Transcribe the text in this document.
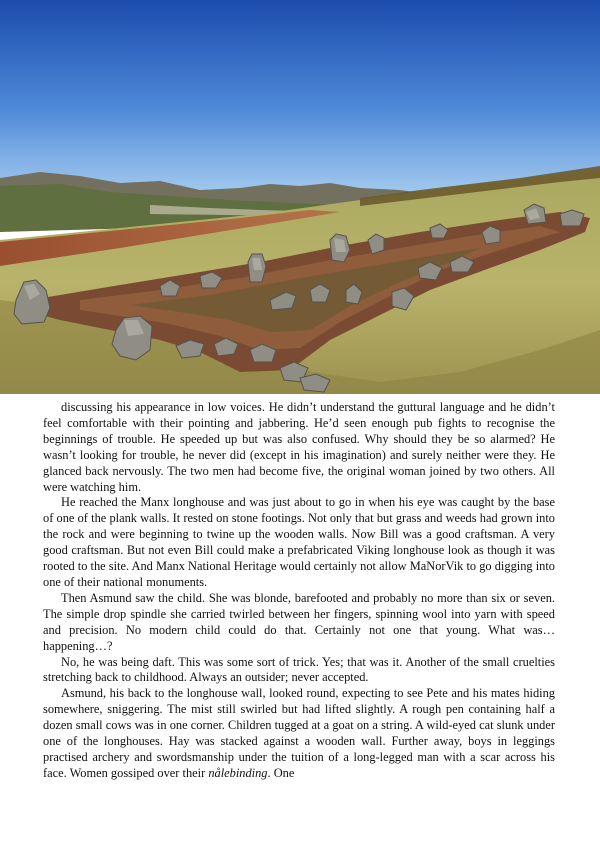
discussing his appearance in low voices. He didn’t understand the guttural language and he didn’t feel comfortable with their pointing and jabbering. He’d seen enough pub fights to recognise the beginnings of trouble. He speeded up but was also confused. Why should they be so alarmed? He wasn’t looking for trouble, he never did (except in his imagination) and surely neither were they. He glanced back nervously. The two men had become five, the original woman joined by two others. All were watching him.

He reached the Manx longhouse and was just about to go in when his eye was caught by the base of one of the plank walls. It rested on stone footings. Not only that but grass and weeds had grown into the rock and were beginning to twine up the wooden walls. Now Bill was a good craftsman. A very good craftsman. But not even Bill could make a prefabricated Viking longhouse look as though it was rooted to the site. And Manx National Heritage would certainly not allow MaNorVik to go digging into one of their national monuments.

Then Asmund saw the child. She was blonde, barefooted and probably no more than six or seven. The simple drop spindle she carried twirled between her fingers, spinning wool into yarn with speed and precision. No modern child could do that. Certainly not one that young. What was… happening…?

No, he was being daft. This was some sort of trick. Yes; that was it. Another of the small cruelties stretching back to childhood. Always an outsider; never accepted.

Asmund, his back to the longhouse wall, looked round, expecting to see Pete and his mates hiding somewhere, sniggering. The mist still swirled but had lifted slightly. A rough pen containing half a dozen small cows was in one corner. Children tugged at a goat on a string. A wild-eyed cat slunk under one of the longhouses. Hay was stacked against a wooden wall. Further away, boys in leggings practised archery and swordsmanship under the tuition of a long-legged man with a scar across his face. Women gossiped over their nålebinding. One
